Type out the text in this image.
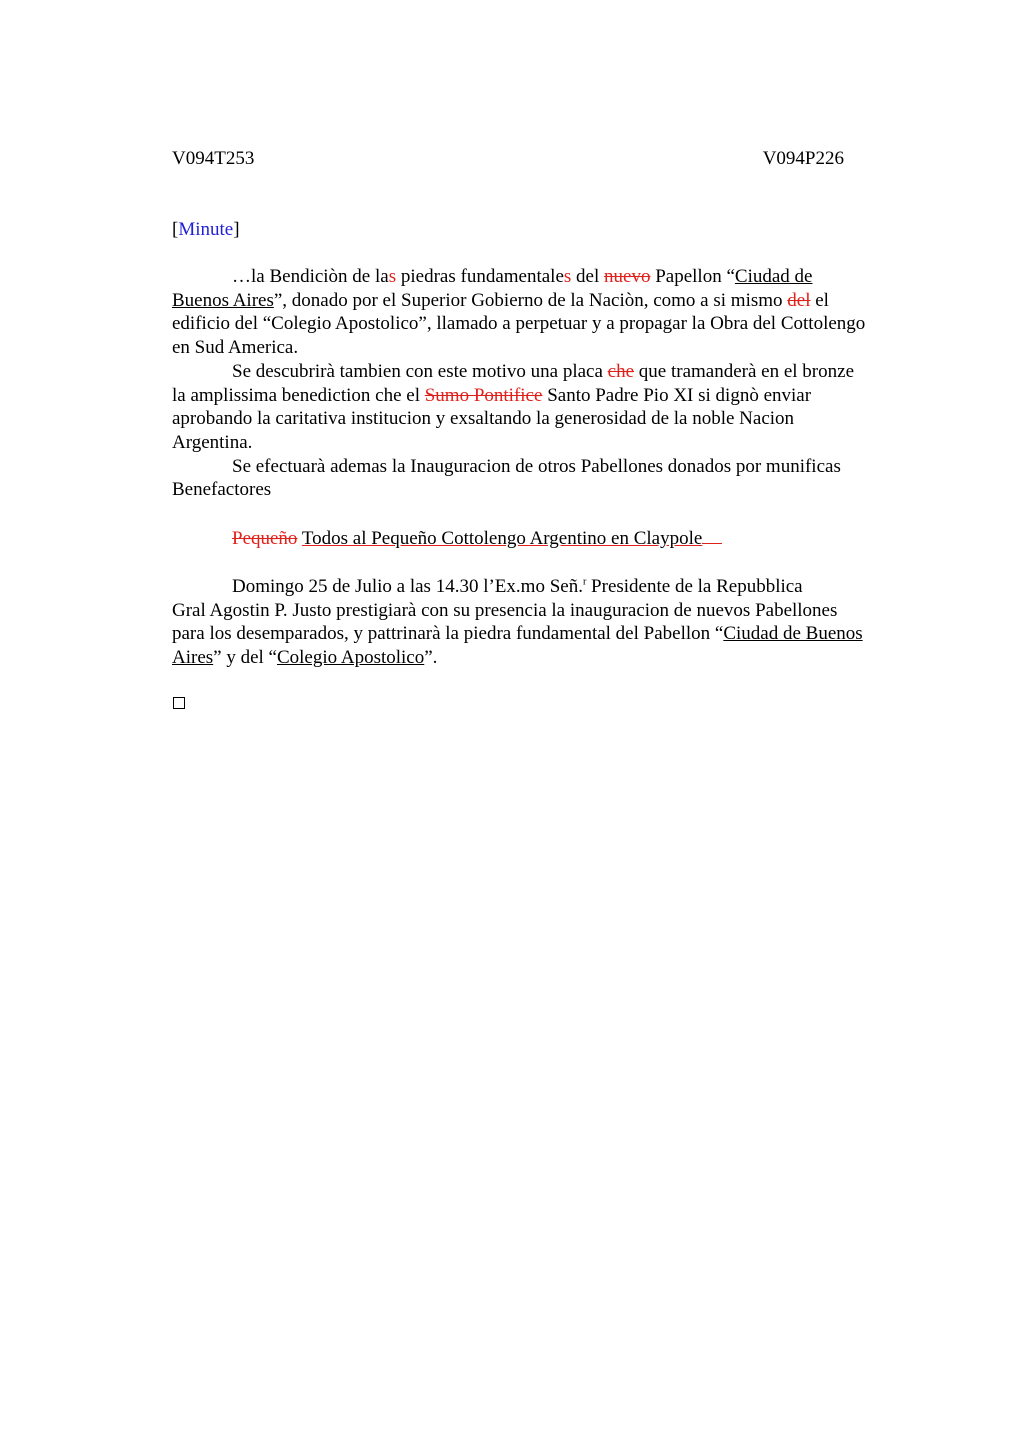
V094T253	V094P226
[Minute]

…la Bendiciòn de las piedras fundamentales del nuevo Papellon “Ciudad de
Buenos Aires”, donado por el Superior Gobierno de la Naciòn, como a si mismo del el
edificio del “Colegio Apostolico”, llamado a perpetuar y a propagar la Obra del Cottolengo
en Sud America.

Se descubrirà tambien con este motivo una placa che que tramanderà en el bronze
la amplissima benediction che el Sumo Pontifice Santo Padre Pio XI si dignò enviar
aprobando la caritativa institucion y exsaltando la generosidad de la noble Nacion
Argentina.

Se efectuarà ademas la Inauguracion de otros Pabellones donados por munificas
Benefactores

Pequeño Todos al Pequeño Cottolengo Argentino en Claypole

Domingo 25 de Julio a las 14.30 l’Ex.mo Señ.$^r$ Presidente de la Repubblica
Gral Agostin P. Justo prestigiarà con su presencia la inauguracion de nuevos Pabellones
para los desemparados, y pattrinarà la piedra fundamental del Pabellon “Ciudad de Buenos
Aires” y del “Colegio Apostolico”.
